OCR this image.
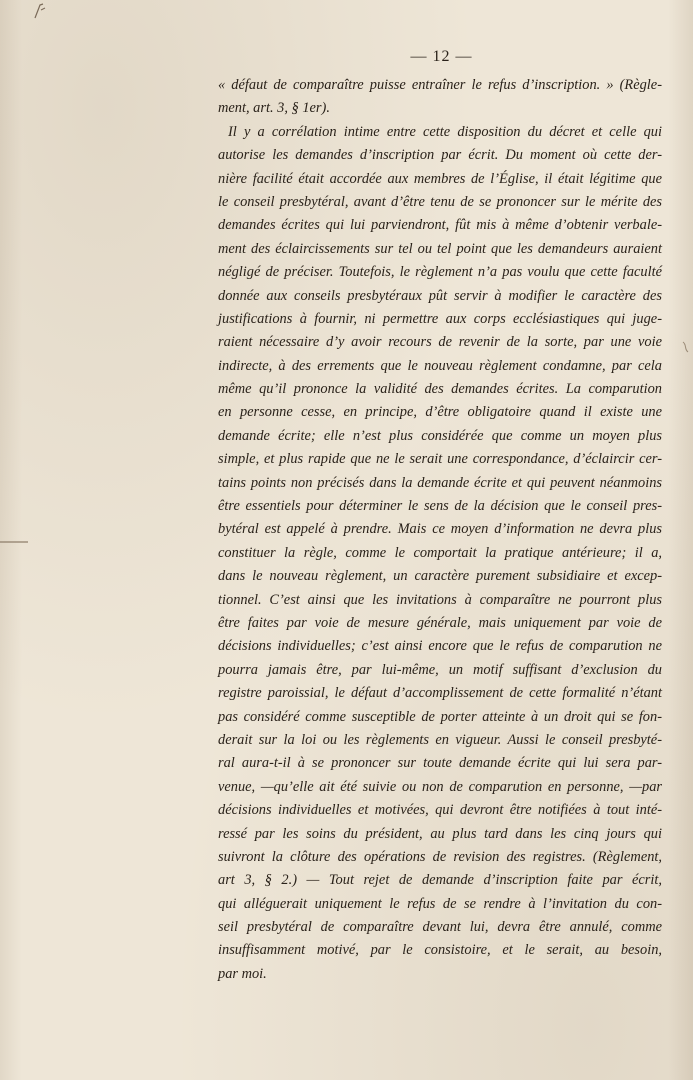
— 12 —
« défaut de comparaître puisse entraîner le refus d’inscription. » (Règle-
ment, art. 3, § 1er).
Il y a corrélation intime entre cette disposition du décret et celle qui
autorise les demandes d’inscription par écrit. Du moment où cette der-
nière facilité était accordée aux membres de l’Église, il était légitime que
le conseil presbytéral, avant d’être tenu de se prononcer sur le mérite des
demandes écrites qui lui parviendront, fût mis à même d’obtenir verbale-
ment des éclaircissements sur tel ou tel point que les demandeurs auraient
négligé de préciser. Toutefois, le règlement n’a pas voulu que cette faculté
donnée aux conseils presbytéraux pût servir à modifier le caractère des
justifications à fournir, ni permettre aux corps ecclésiastiques qui juge-
raient nécessaire d’y avoir recours de revenir de la sorte, par une voie
indirecte, à des errements que le nouveau règlement condamne, par cela
même qu’il prononce la validité des demandes écrites. La comparution
en personne cesse, en principe, d’être obligatoire quand il existe une
demande écrite; elle n’est plus considérée que comme un moyen plus
simple, et plus rapide que ne le serait une correspondance, d’éclaircir cer-
tains points non précisés dans la demande écrite et qui peuvent néanmoins
être essentiels pour déterminer le sens de la décision que le conseil pres-
bytéral est appelé à prendre. Mais ce moyen d’information ne devra plus
constituer la règle, comme le comportait la pratique antérieure; il a,
dans le nouveau règlement, un caractère purement subsidiaire et excep-
tionnel. C’est ainsi que les invitations à comparaître ne pourront plus
être faites par voie de mesure générale, mais uniquement par voie de
décisions individuelles; c’est ainsi encore que le refus de comparution ne
pourra jamais être, par lui-même, un motif suffisant d’exclusion du
registre paroissial, le défaut d’accomplissement de cette formalité n’étant
pas considéré comme susceptible de porter atteinte à un droit qui se fon-
derait sur la loi ou les règlements en vigueur. Aussi le conseil presbyté-
ral aura-t-il à se prononcer sur toute demande écrite qui lui sera par-
venue, —qu’elle ait été suivie ou non de comparution en personne, —par
décisions individuelles et motivées, qui devront être notifiées à tout inté-
ressé par les soins du président, au plus tard dans les cinq jours qui
suivront la clôture des opérations de revision des registres. (Règlement,
art 3, § 2.) — Tout rejet de demande d’inscription faite par écrit,
qui alléguerait uniquement le refus de se rendre à l’invitation du con-
seil presbytéral de comparaître devant lui, devra être annulé, comme
insuffisamment motivé, par le consistoire, et le serait, au besoin,
par moi.
